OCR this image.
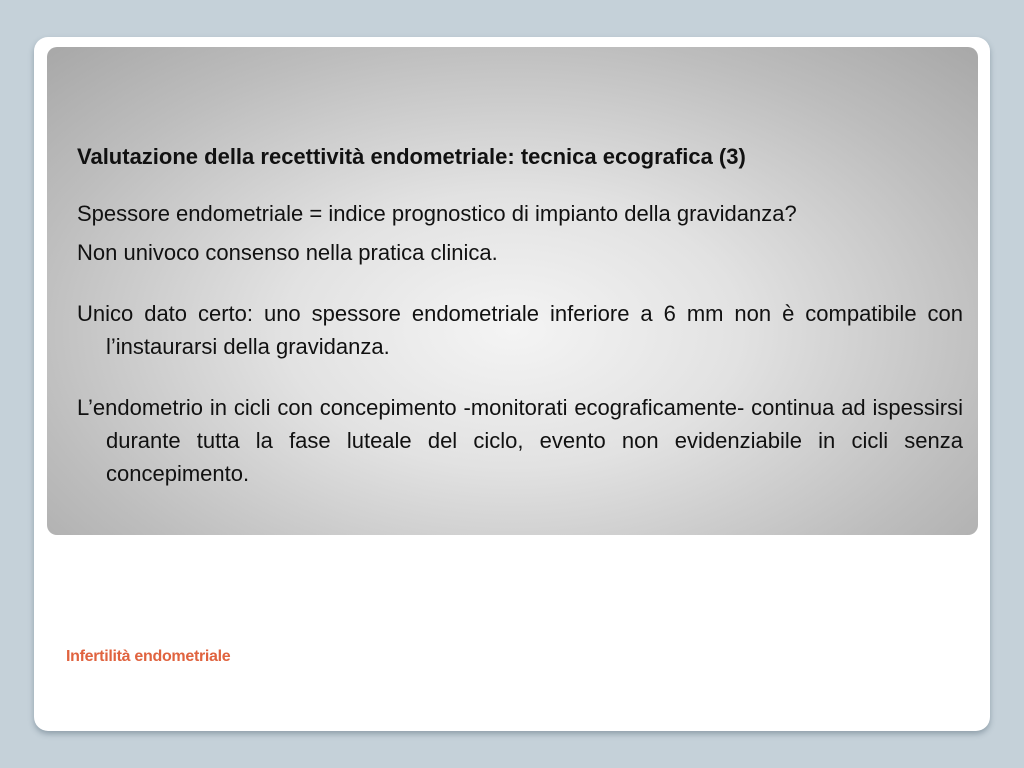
Valutazione della recettività endometriale: tecnica ecografica (3)

Spessore endometriale = indice prognostico di impianto della gravidanza?

Non univoco consenso nella pratica clinica.

Unico dato certo: uno spessore endometriale inferiore a 6 mm non è compatibile con l’instaurarsi della gravidanza.

L’endometrio in cicli con concepimento -monitorati ecograficamente- continua ad ispessirsi durante tutta la fase luteale del ciclo, evento non evidenziabile in cicli senza concepimento.

Infertilità endometriale
